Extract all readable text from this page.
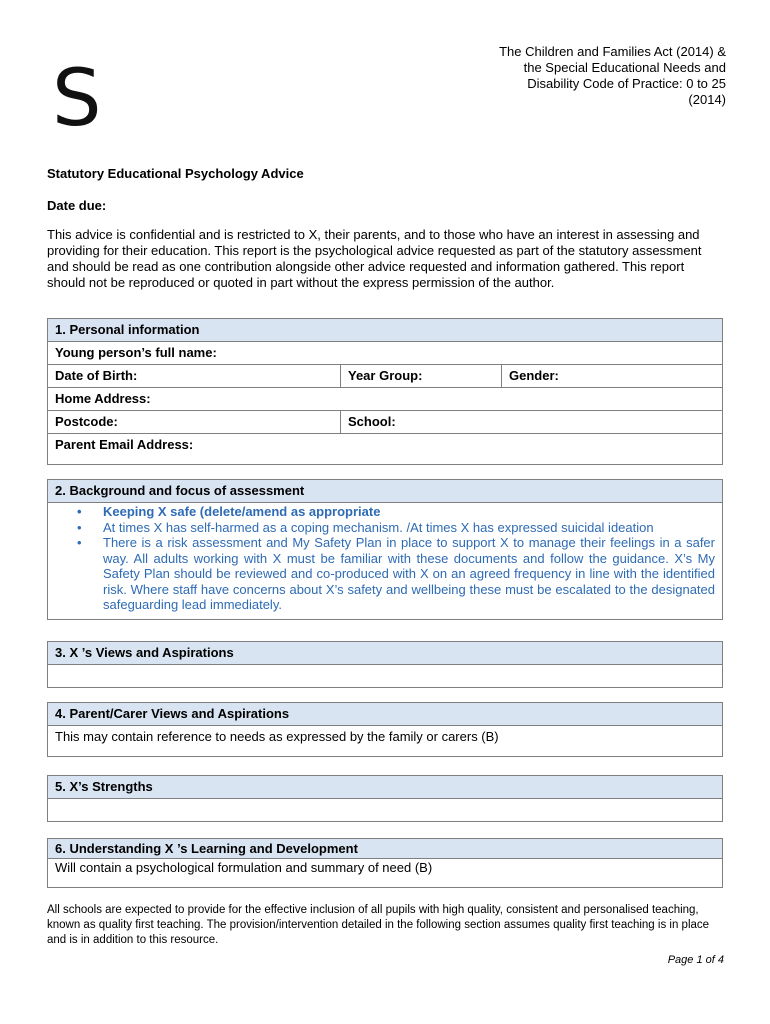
S
The Children and Families Act (2014) &
the Special Educational Needs and
Disability Code of Practice: 0 to 25
(2014)
Statutory Educational Psychology Advice
Date due:
This advice is confidential and is restricted to X, their parents, and to those who have an interest in assessing and providing for their education. This report is the psychological advice requested as part of the statutory assessment and should be read as one contribution alongside other advice requested and information gathered. This report should not be reproduced or quoted in part without the express permission of the author.
1. Personal information		
Young person’s full name:		
Date of Birth:	Year Group:	Gender:
Home Address:		
Postcode:	School:	
Parent Email Address:		
2. Background and focus of assessment

• Keeping X safe (delete/amend as appropriate
• At times X has self-harmed as a coping mechanism. /At times X has expressed suicidal ideation
• There is a risk assessment and My Safety Plan in place to support X to manage their feelings in a safer way. All adults working with X must be familiar with these documents and follow the guidance. X’s My Safety Plan should be reviewed and co-produced with X on an agreed frequency in line with the identified risk. Where staff have concerns about X’s safety and wellbeing these must be escalated to the designated safeguarding lead immediately.
3. X ’s Views and Aspirations

4. Parent/Carer Views and Aspirations
This may contain reference to needs as expressed by the family or carers (B)
5. X’s Strengths

6. Understanding X ’s Learning and Development
Will contain a psychological formulation and summary of need (B)
All schools are expected to provide for the effective inclusion of all pupils with high quality, consistent and personalised teaching, known as quality first teaching. The provision/intervention detailed in the following section assumes quality first teaching is in place and is in addition to this resource.
Page 1 of 4
